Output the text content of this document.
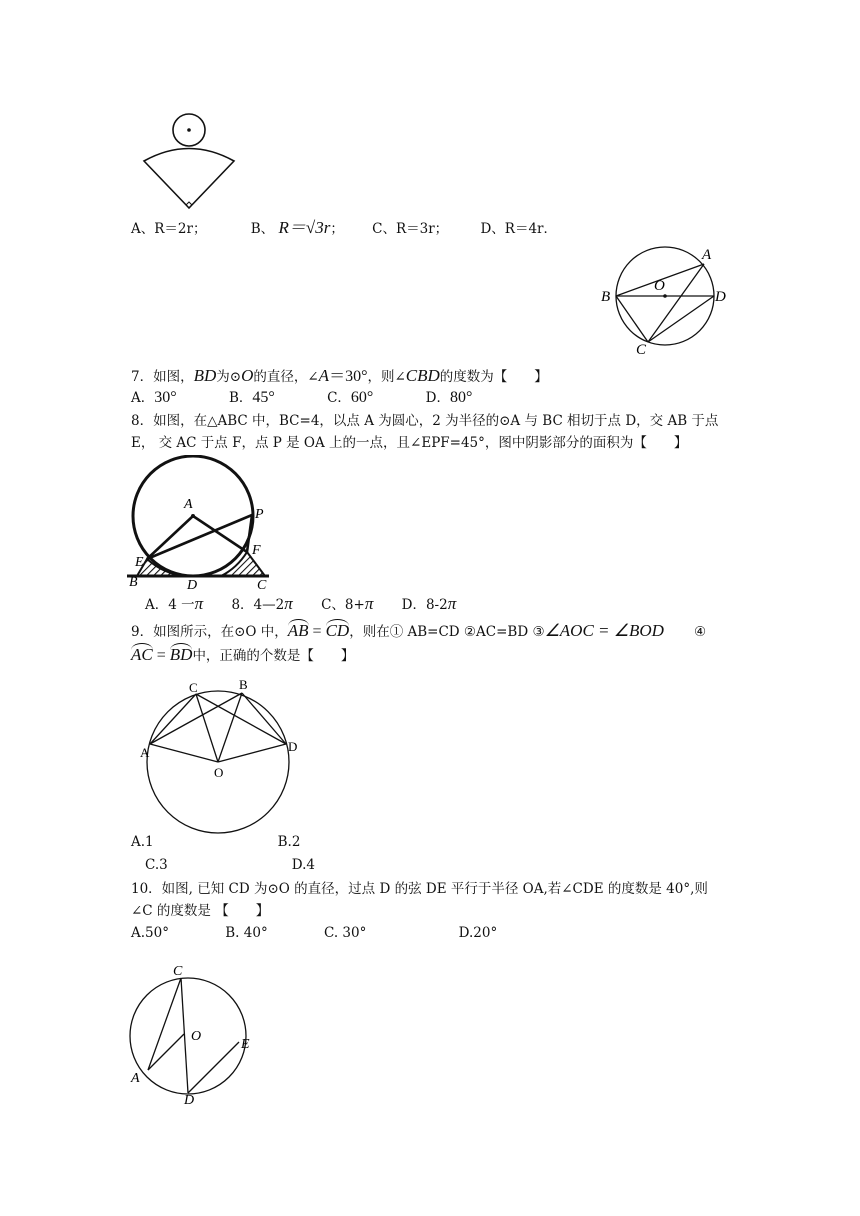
A、R＝2r；	B、 R＝√3r； C、R＝3r； D、R＝4r．
A
O
B	D
C
7．如图，BD为⊙O的直径，∠A＝30°，则∠CBD的度数为【　　】
A．30°	B．45°	C．60°	D．80°
8．如图，在△ABC 中，BC=4，以点 A 为圆心，2 为半径的⊙A 与 BC 相切于点 D，交 AB 于点
E， 交 AC 于点 F，点 P 是 OA 上的一点，且∠EPF=45°，图中阴影部分的面积为【　　】
A
P
E
F
B	D	C
A．4 一π 8．4—2π C、8+π D．8-2π
9．如图所示，在⊙O 中，AB = CD，则在① AB=CD ②AC=BD ③∠AOC = ∠BOD ④
AC = BD中，正确的个数是【　　】
C	B
A	D
O
A.1	B.2
C.3	D.4
10．如图, 已知 CD 为⊙O 的直径，过点 D 的弦 DE 平行于半径 OA,若∠CDE 的度数是 40°,则
∠C 的度数是 【　　】
A.50°	B. 40°	C. 30°	D.20°
C
O
E
A
D
